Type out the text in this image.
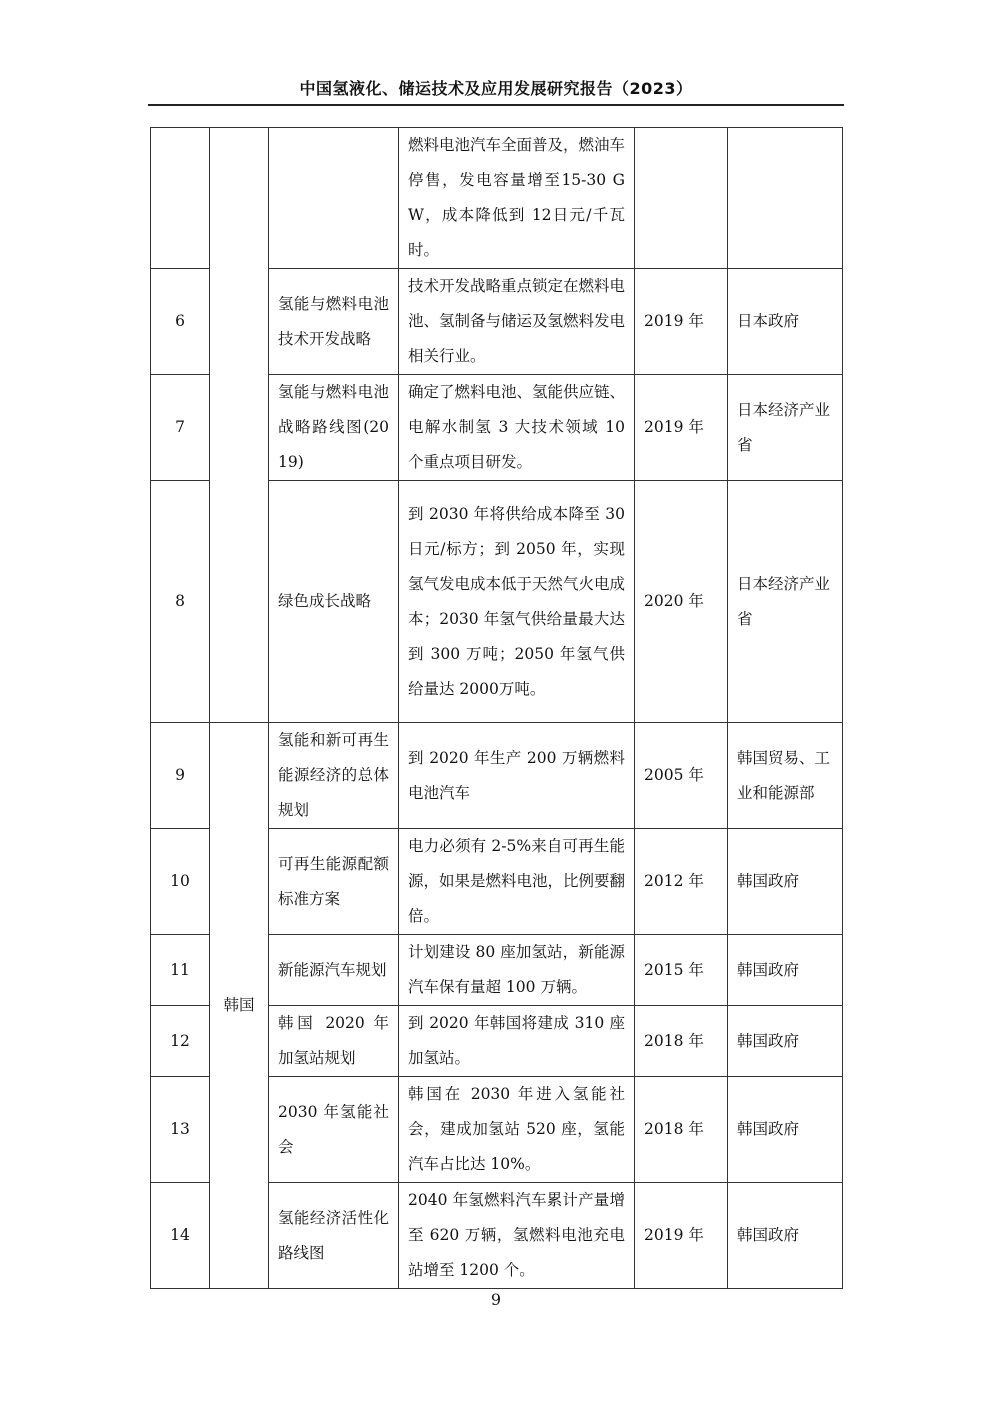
中国氢液化、储运技术及应用发展研究报告（2023）

			燃料电池汽车全面普及，燃油车停售，发电容量增至15-30 GW，成本降低到 12日元/千瓦时。		

6		氢能与燃料电池技术开发战略	技术开发战略重点锁定在燃料电池、氢制备与储运及氢燃料发电相关行业。	2019 年	日本政府
7		氢能与燃料电池战略路线图(2019)	确定了燃料电池、氢能供应链、电解水制氢 3 大技术领域 10 个重点项目研发。	2019 年	日本经济产业省
8		绿色成长战略	到 2030 年将供给成本降至 30 日元/标方；到 2050 年，实现氢气发电成本低于天然气火电成本；2030 年氢气供给量最大达到 300 万吨；2050 年氢气供给量达 2000万吨。	2020 年	日本经济产业省

9	韩国	氢能和新可再生能源经济的总体规划	到 2020 年生产 200 万辆燃料电池汽车	2005 年	韩国贸易、工业和能源部

10		可再生能源配额标准方案	电力必须有 2-5%来自可再生能源，如果是燃料电池，比例要翻倍。	2012 年	韩国政府
11		新能源汽车规划	计划建设 80 座加氢站，新能源汽车保有量超 100 万辆。	2015 年	韩国政府
12		韩国 2020 年加氢站规划	到 2020 年韩国将建成 310 座加氢站。	2018 年	韩国政府
13		2030 年氢能社会	韩国在 2030 年进入氢能社会，建成加氢站 520 座，氢能汽车占比达 10%。	2018 年	韩国政府
14		氢能经济活性化路线图	2040 年氢燃料汽车累计产量增至 620 万辆，氢燃料电池充电站增至 1200 个。	2019 年	韩国政府
9
